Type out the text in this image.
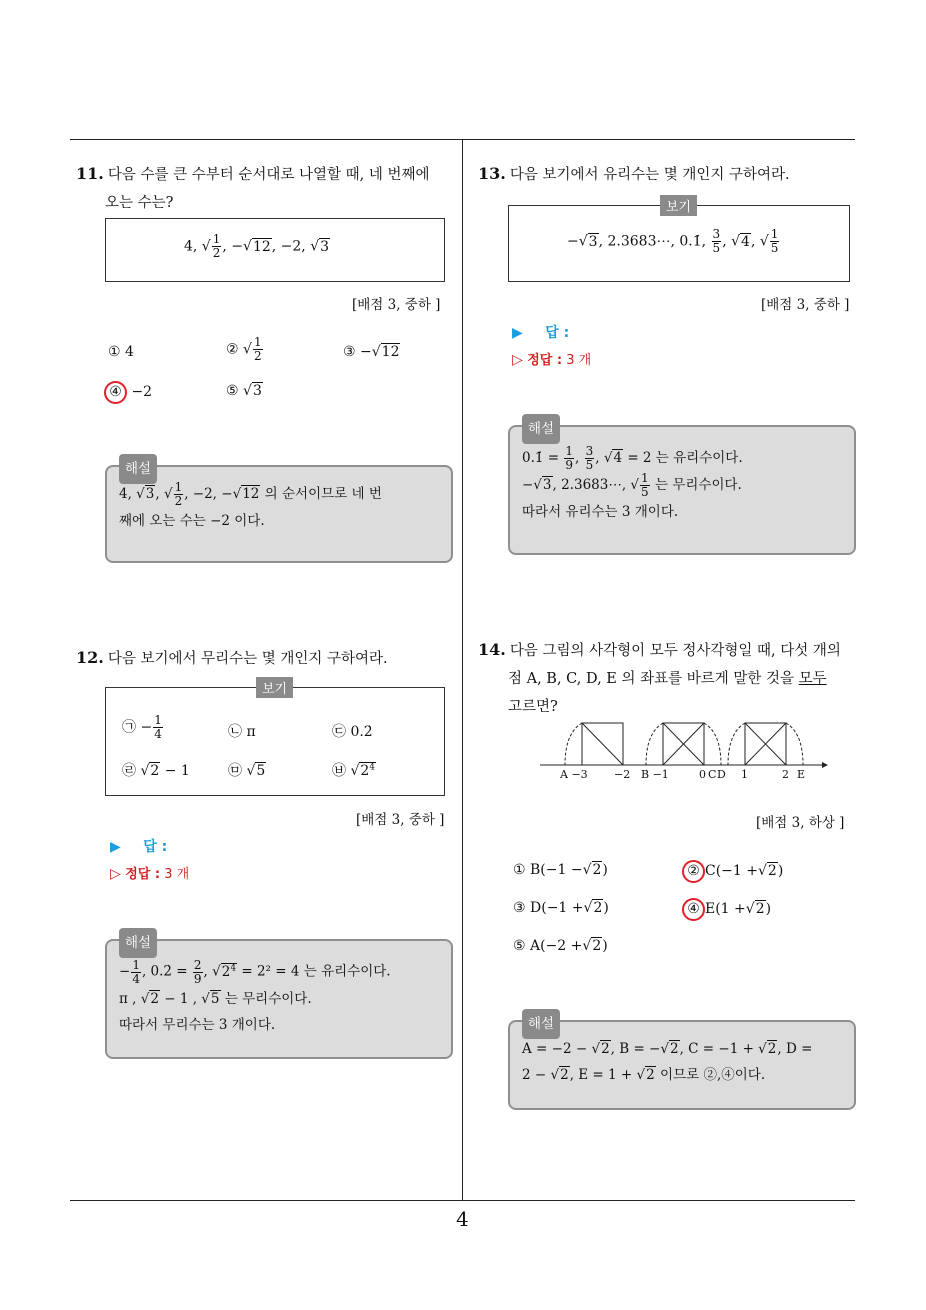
11. 다음 수를 큰 수부터 순서대로 나열할 때, 네 번째에
오는 수는?
4, √ $\frac{1}{2}$ , −√12, −2, √3
[배점 3, 중하 ]
① 4	② √ $\frac{1}{2}$	③ −√12
④ −2	⑤ √3
해설
4, √3, √ $\frac{1}{2}$ , −2, −√12 의 순서이므로 네 번
째에 오는 수는 −2 이다.
12. 다음 보기에서 무리수는 몇 개인지 구하여라.
보기
㉠ − $\frac{1}{4}$	㉡ π	㉢ 0.2̇
㉣ √2 − 1	㉤ √5	㉥ $√2^4$
[배점 3, 중하 ]
▶ 답 :
▷ 정답 : 3 개
해설
− $\frac{1}{4}$ , 0.2̇ = $\frac{2}{9}$ , $√2^4 = 2^2 = 4$ 는 유리수이다.
π , √2 − 1 , √5 는 무리수이다.
따라서 무리수는 3 개이다.
13. 다음 보기에서 유리수는 몇 개인지 구하여라.
보기
−√3, 2.3683⋯, 0.1̇, $\frac{3}{5}$ , √4, √ $\frac{1}{5}$
[배점 3, 중하 ]
▶ 답 :
▷ 정답 : 3 개
해설
0.1̇ = $\frac{1}{9}$ , $\frac{3}{5}$ , √4 = 2 는 유리수이다.
−√3, 2.3683⋯, √ $\frac{1}{5}$ 는 무리수이다.
따라서 유리수는 3 개이다.
14. 다음 그림의 사각형이 모두 정사각형일 때, 다섯 개의
점 A, B, C, D, E 의 좌표를 바르게 말한 것을 모두
고르면?
A −3 −2 B −1	0 C D 1	2 E
[배점 3, 하상 ]
① B(−1 −√2)	② C(−1 +√2)
③ D(−1 +√2)	④ E(1 +√2)
⑤ A(−2 +√2)
해설
A = −2 − √2, B = −√2, C = −1 + √2, D =
2 − √2, E = 1 + √2 이므로 ②,④이다.
4
